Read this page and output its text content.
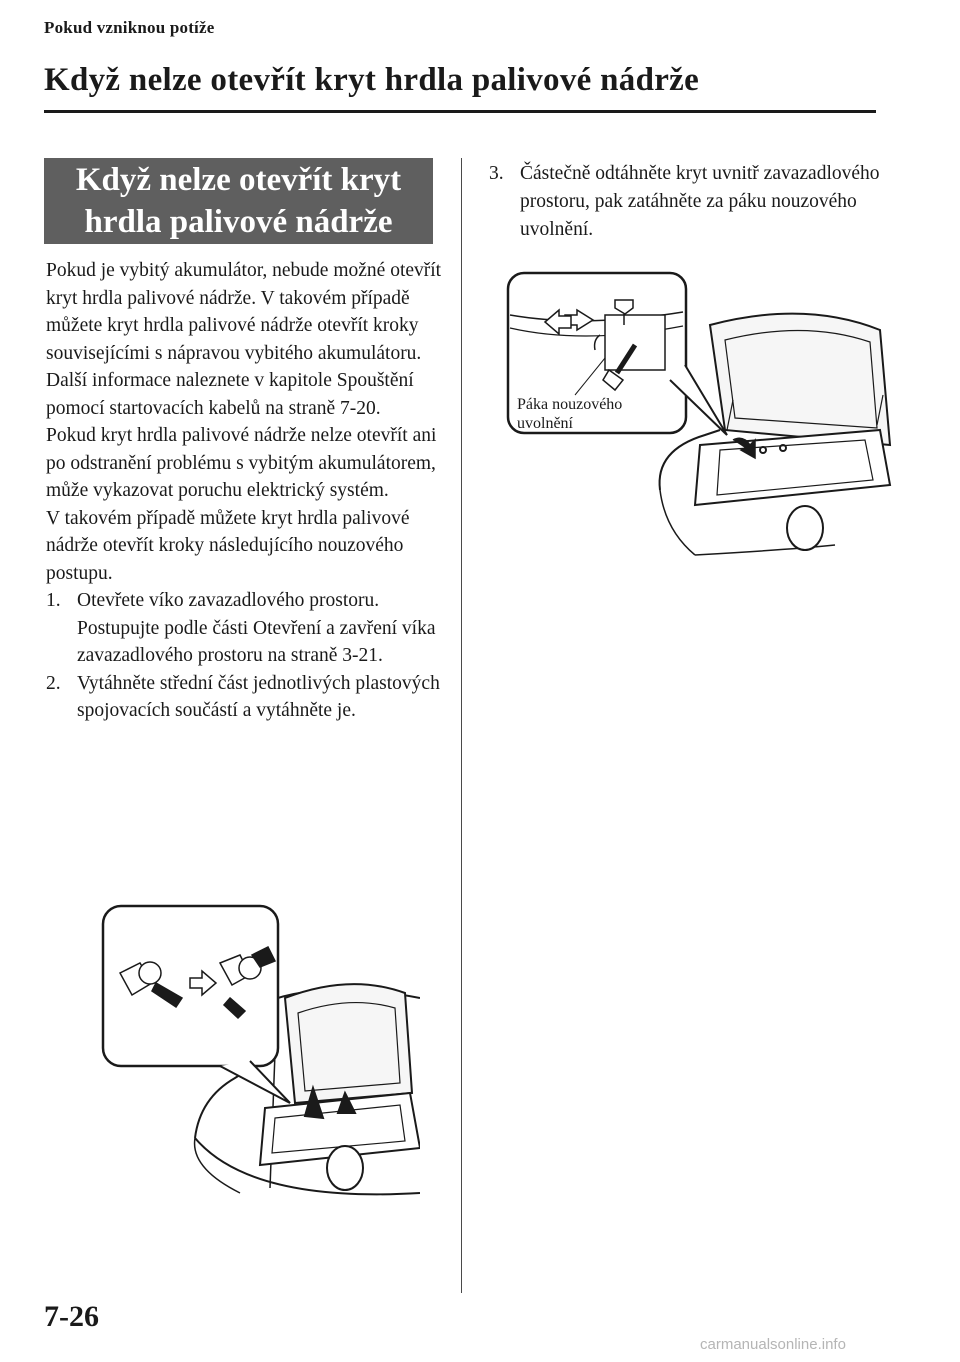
Pokud vzniknou potíže
Když nelze otevřít kryt hrdla palivové nádrže
Když nelze otevřít kryt
hrdla palivové nádrže

Pokud je vybitý akumulátor, nebude možné otevřít kryt hrdla palivové nádrže. V takovém případě můžete kryt hrdla palivové nádrže otevřít kroky souvisejícími s nápravou vybitého akumulátoru.

Další informace naleznete v kapitole Spouštění pomocí startovacích kabelů na straně 7-20.

Pokud kryt hrdla palivové nádrže nelze otevřít ani po odstranění problému s vybitým akumulátorem, může vykazovat poruchu elektrický systém.

V takovém případě můžete kryt hrdla palivové nádrže otevřít kroky následujícího nouzového postupu.

1. Otevřete víko zavazadlového prostoru. Postupujte podle části Otevření a zavření víka zavazadlového prostoru na straně 3-21.
2. Vytáhněte střední část jednotlivých plastových spojovacích součástí a vytáhněte je.
3. Částečně odtáhněte kryt uvnitř zavazadlového prostoru, pak zatáhněte za páku nouzového uvolnění.
Páka nouzového
uvolnění
7-26
carmanualsonline.info
